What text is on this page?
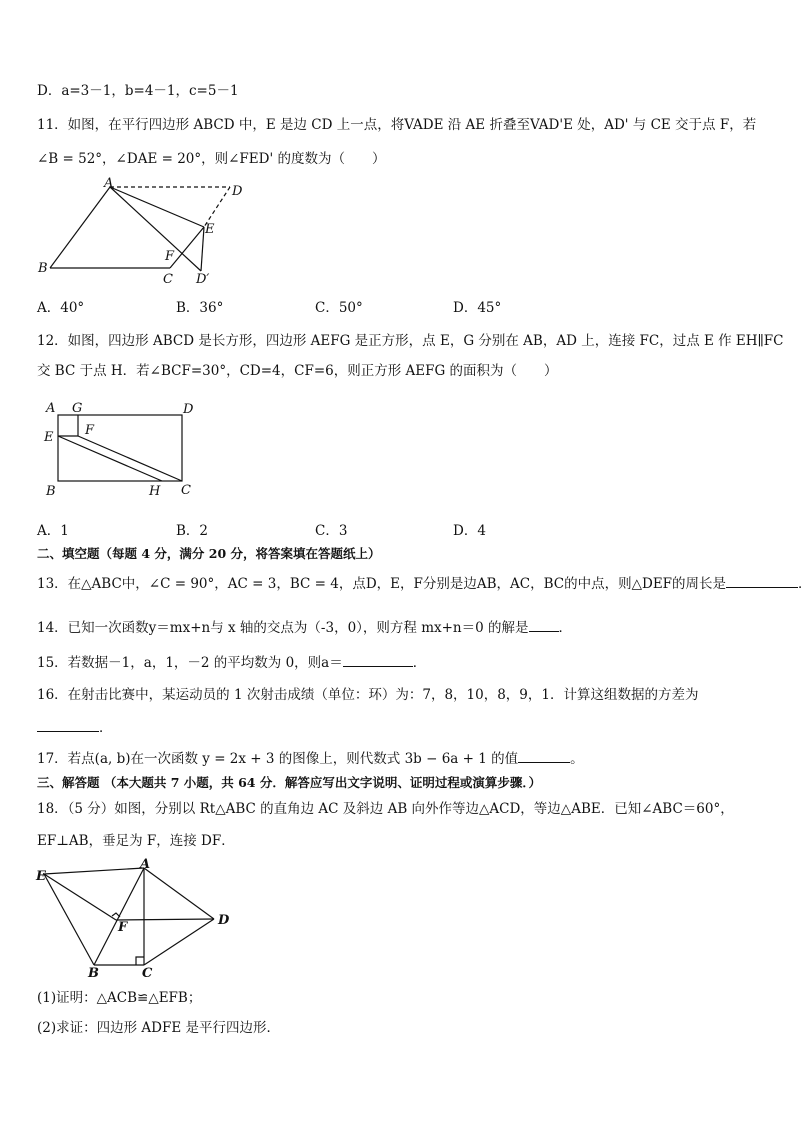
D．a=3－1，b=4－1，c=5－1
11．如图，在平行四边形 ABCD 中，E 是边 CD 上一点，将VADE 沿 AE 折叠至VAD'E 处，AD' 与 CE 交于点 F，若
∠B = 52°，∠DAE = 20°，则∠FED' 的度数为（　　）
A
D
E
F
B
C D′
A．40°	B．36°	C．50°	D．45°
12．如图，四边形 ABCD 是长方形，四边形 AEFG 是正方形，点 E，G 分别在 AB，AD 上，连接 FC，过点 E 作 EH∥FC
交 BC 于点 H．若∠BCF=30°，CD=4，CF=6，则正方形 AEFG 的面积为（　　）
A G	D
E F
B	H C
A．1	B．2	C．3	D．4
二、填空题（每题 4 分，满分 20 分，将答案填在答题纸上）
13．在△ABC中，∠C = 90°，AC = 3，BC = 4，点D，E，F分别是边AB，AC，BC的中点，则△DEF的周长是	．
14．已知一次函数y＝mx+n与 x 轴的交点为（-3，0），则方程 mx+n＝0 的解是 ．
15．若数据－1，a，1，－2 的平均数为 0，则a＝	．
16．在射击比赛中，某运动员的 1 次射击成绩（单位：环）为：7，8，10，8，9，1．计算这组数据的方差为
．
17．若点(a, b)在一次函数 y = 2x + 3 的图像上，则代数式 3b − 6a + 1 的值	。
三、解答题 （本大题共 7 小题，共 64 分．解答应写出文字说明、证明过程或演算步骤．）
18．（5 分）如图，分别以 Rt△ABC 的直角边 AC 及斜边 AB 向外作等边△ACD，等边△ABE．已知∠ABC＝60°，
EF⊥AB，垂足为 F，连接 DF．
E
A
D
F
B	C
(1)证明：△ACB≌△EFB；
(2)求证：四边形 ADFE 是平行四边形．
